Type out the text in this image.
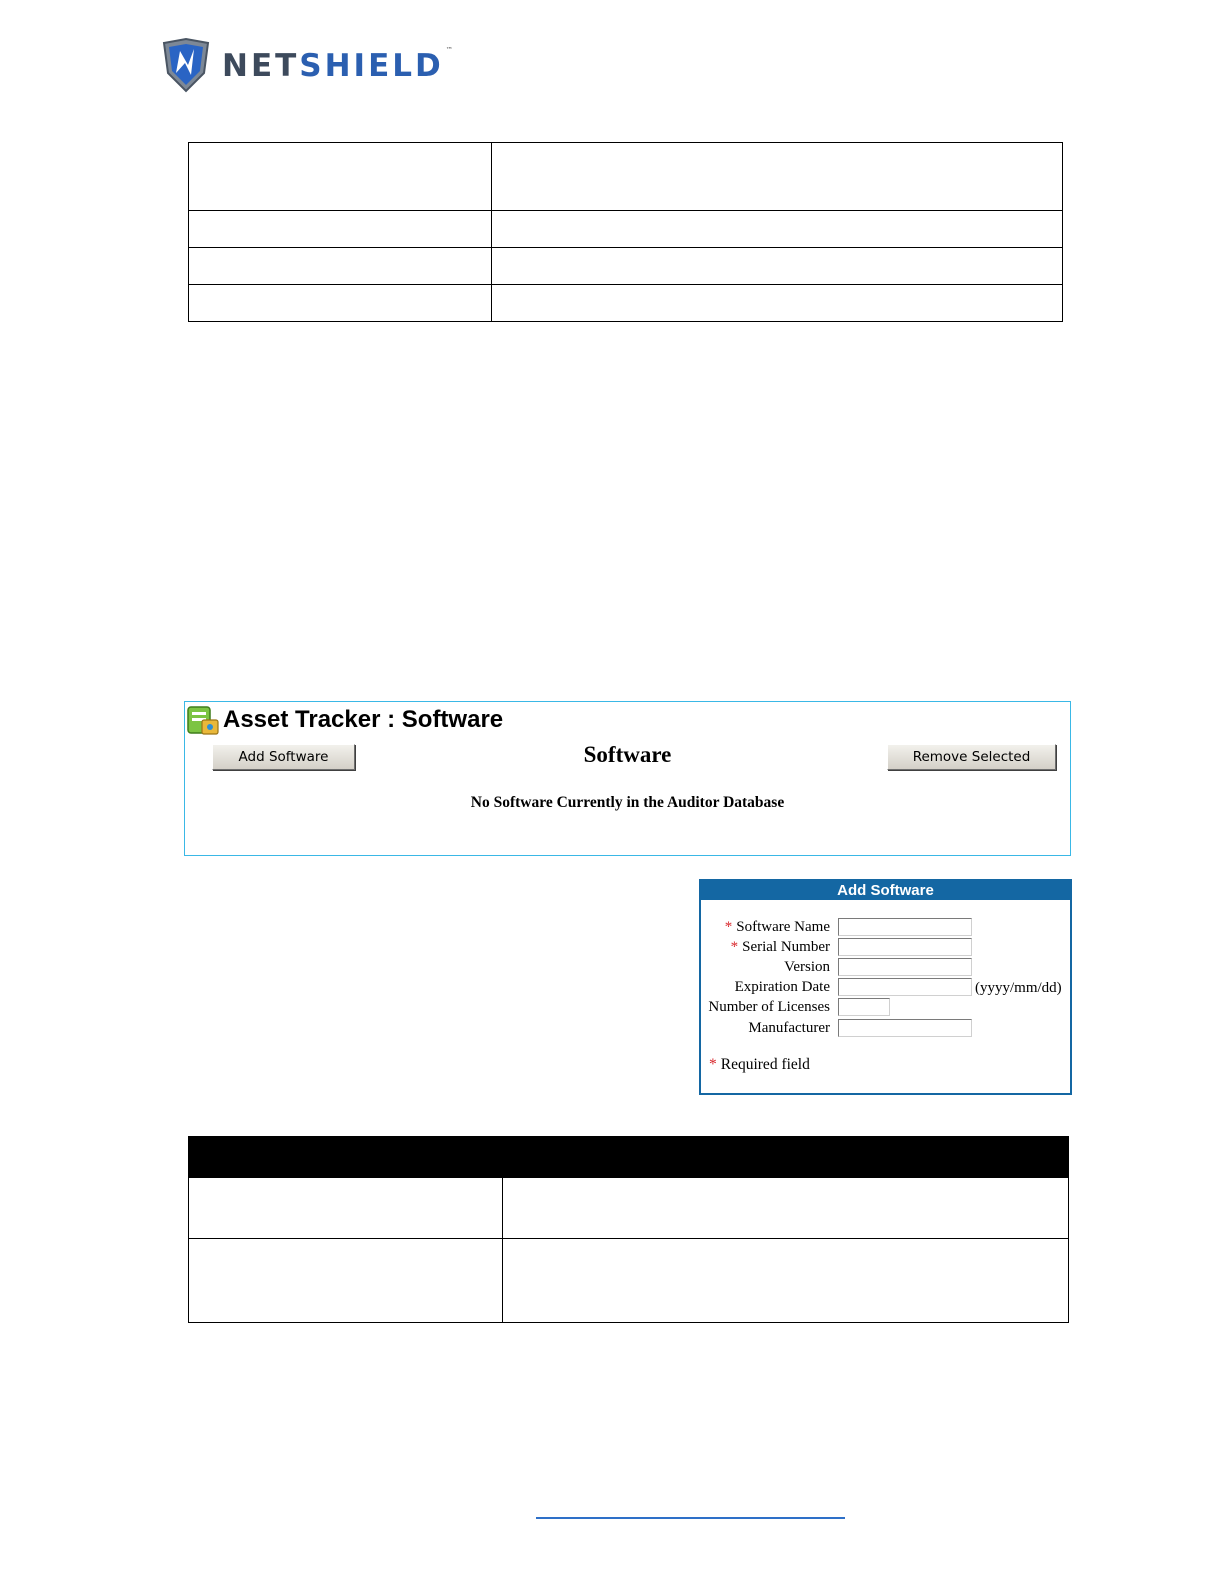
NETSHIELD ™

Asset Tracker : Software
Add Software	Software	Remove Selected
No Software Currently in the Auditor Database
Add Software
* Software Name
* Serial Number
Version
Expiration Date	(yyyy/mm/dd)
Number of Licenses
Manufacturer
* Required field
